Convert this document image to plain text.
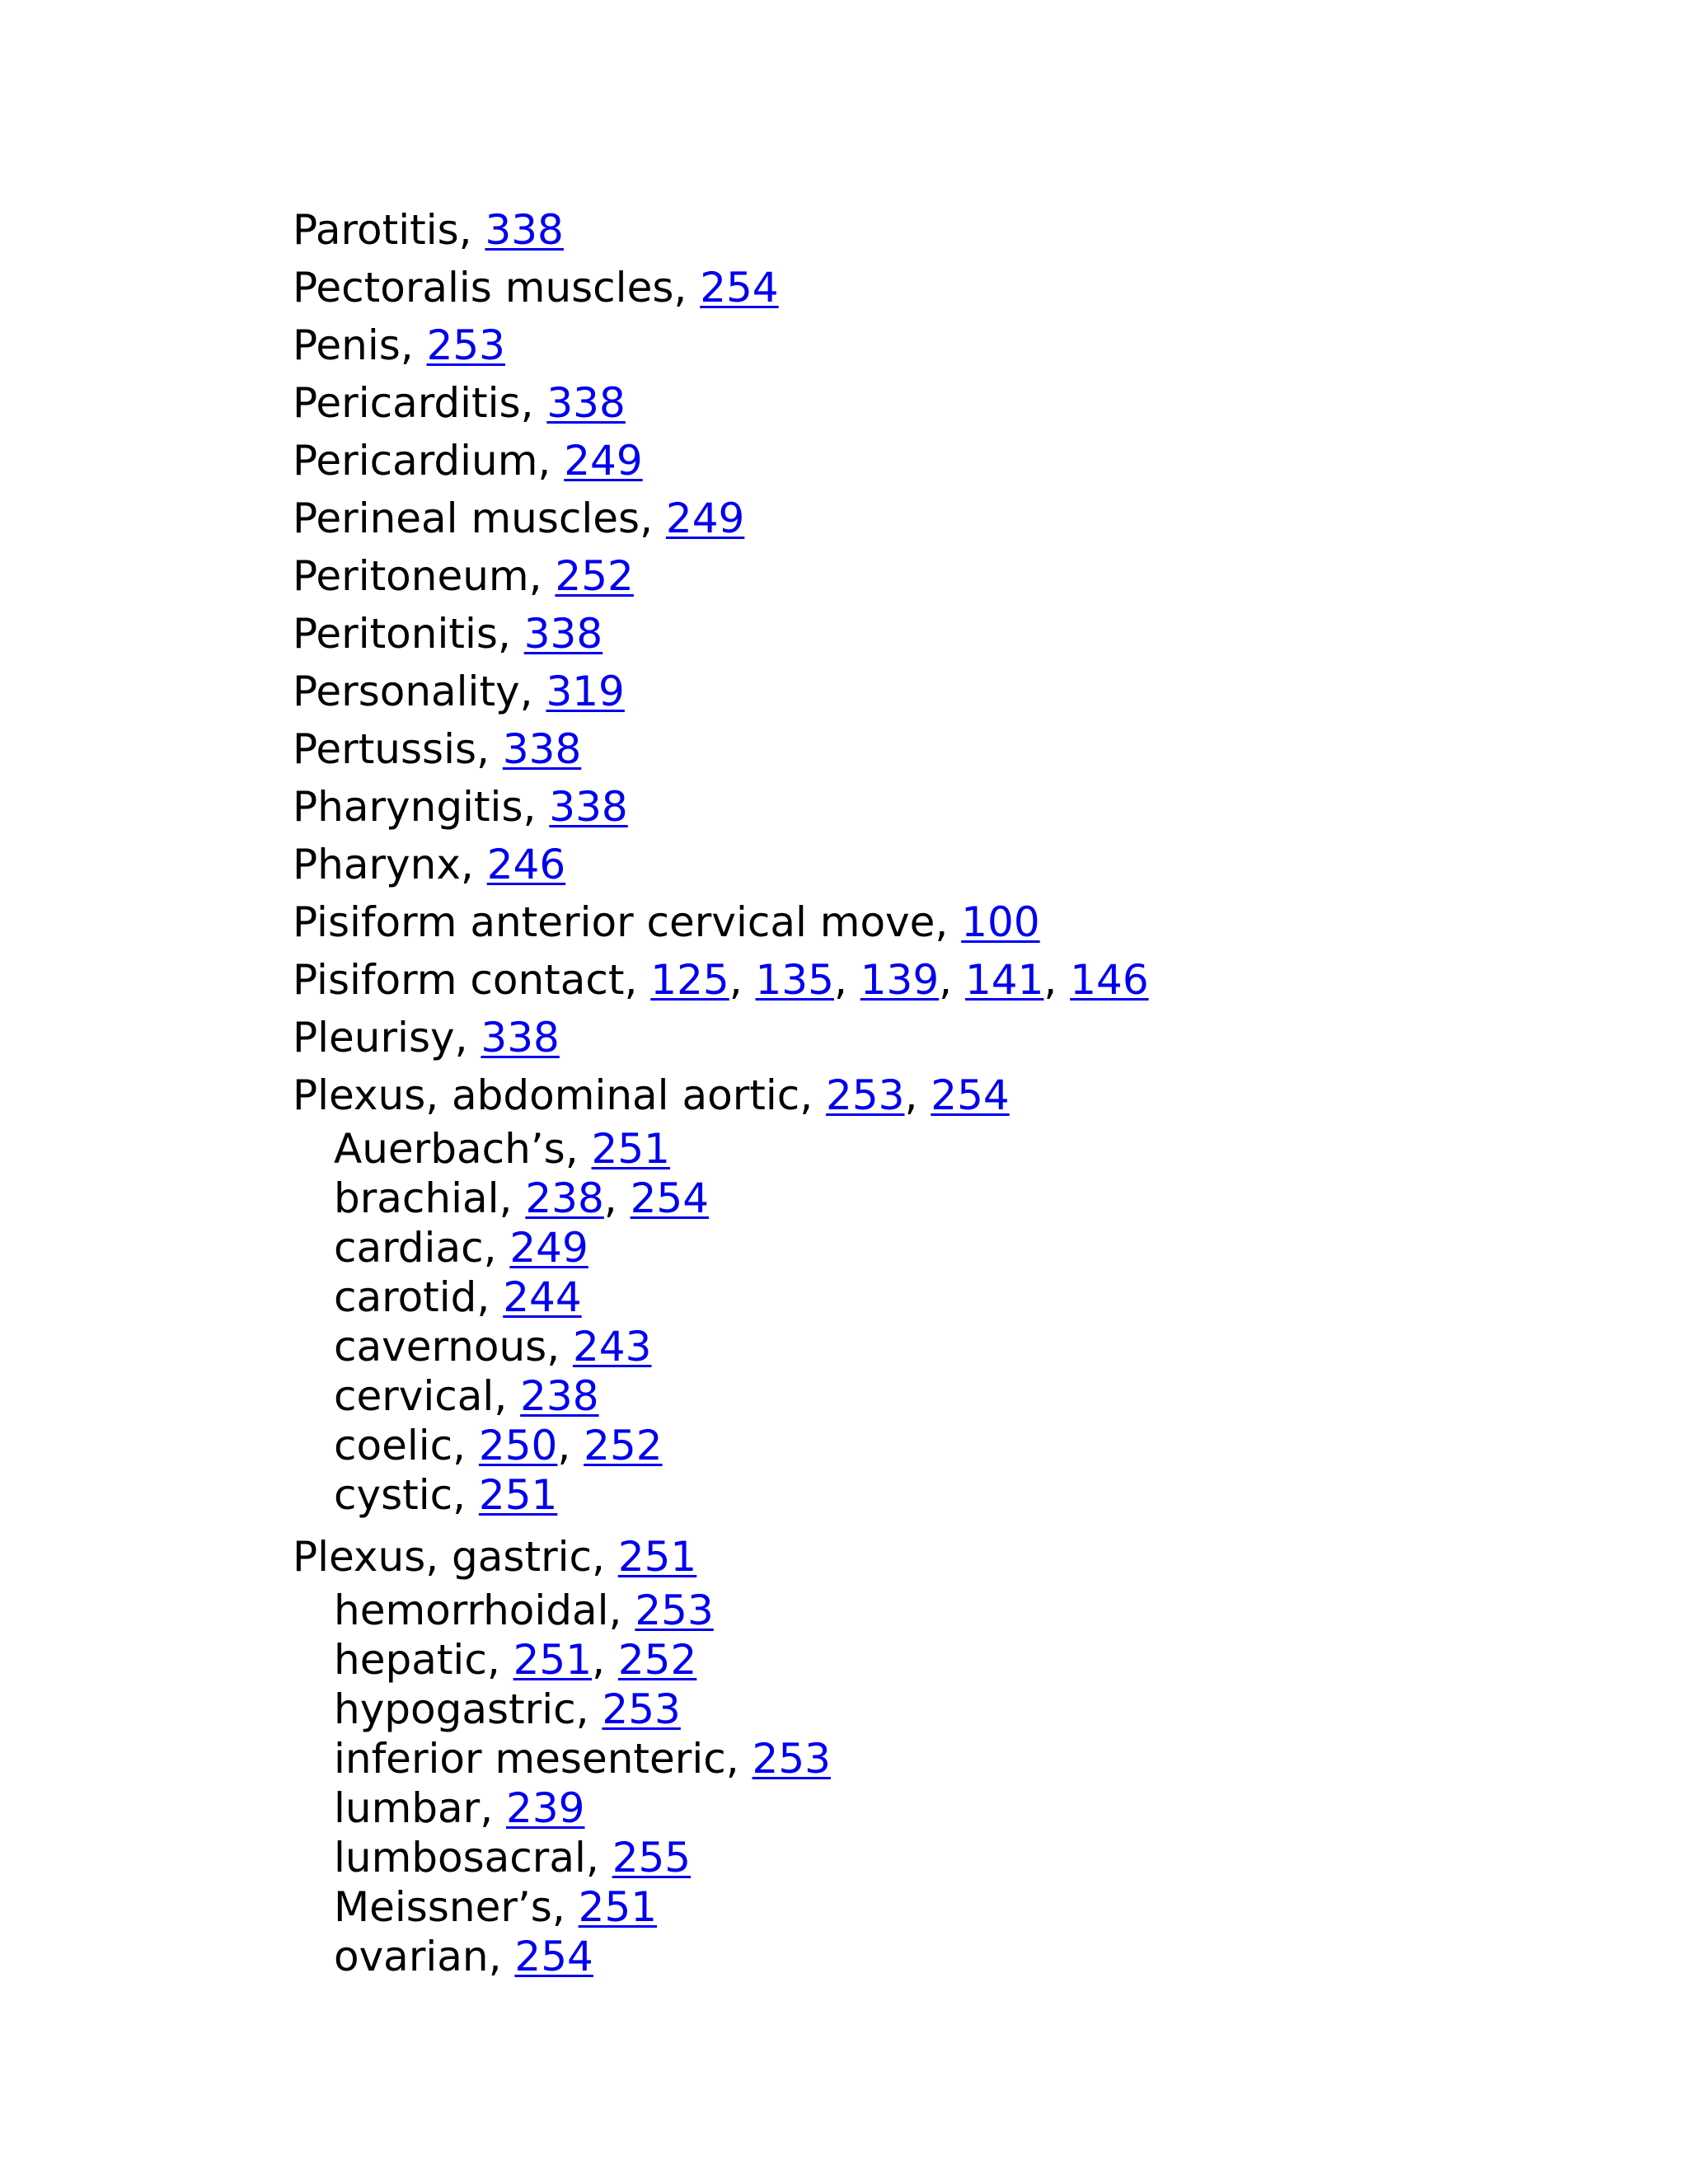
Parotitis, 338
Pectoralis muscles, 254
Penis, 253
Pericarditis, 338
Pericardium, 249
Perineal muscles, 249
Peritoneum, 252
Peritonitis, 338
Personality, 319
Pertussis, 338
Pharyngitis, 338
Pharynx, 246
Pisiform anterior cervical move, 100
Pisiform contact, 125, 135, 139, 141, 146
Pleurisy, 338
Plexus, abdominal aortic, 253, 254
Auerbach’s, 251
brachial, 238, 254
cardiac, 249
carotid, 244
cavernous, 243
cervical, 238
coelic, 250, 252
cystic, 251
Plexus, gastric, 251
hemorrhoidal, 253
hepatic, 251, 252
hypogastric, 253
inferior mesenteric, 253
lumbar, 239
lumbosacral, 255
Meissner’s, 251
ovarian, 254
